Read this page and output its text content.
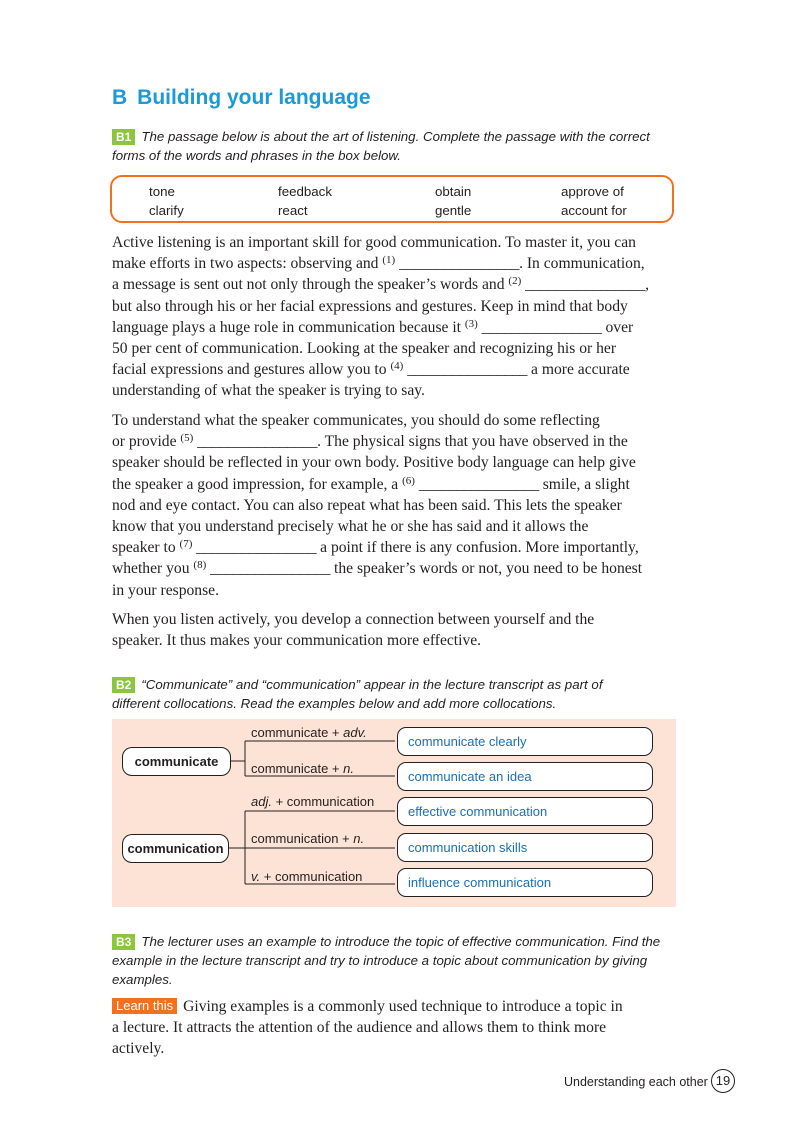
B Building your language
B1 The passage below is about the art of listening. Complete the passage with the correct
forms of the words and phrases in the box below.
tone	feedback	obtain	approve of
clarify	react	gentle	account for

Active listening is an important skill for good communication. To master it, you can

make efforts in two aspects: observing and $^{(1)}$ ________________. In communication,

a message is sent out not only through the speaker’s words and $^{(2)}$ ________________,

but also through his or her facial expressions and gestures. Keep in mind that body

language plays a huge role in communication because it $^{(3)}$ ________________ over

50 per cent of communication. Looking at the speaker and recognizing his or her

facial expressions and gestures allow you to $^{(4)}$ ________________ a more accurate

understanding of what the speaker is trying to say.

To understand what the speaker communicates, you should do some reflecting

or provide $^{(5)}$ ________________. The physical signs that you have observed in the

speaker should be reflected in your own body. Positive body language can help give

the speaker a good impression, for example, a $^{(6)}$ ________________ smile, a slight

nod and eye contact. You can also repeat what has been said. This lets the speaker

know that you understand precisely what he or she has said and it allows the

speaker to $^{(7)}$ ________________ a point if there is any confusion. More importantly,

whether you $^{(8)}$ ________________ the speaker’s words or not, you need to be honest

in your response.

When you listen actively, you develop a connection between yourself and the

speaker. It thus makes your communication more effective.

B2 “Communicate” and “communication” appear in the lecture transcript as part of
different collocations. Read the examples below and add more collocations.
communicate
communication
communicate + adv.
communicate + n.
adj. + communication
communication + n.
v. + communication
communicate clearly
communicate an idea
effective communication
communication skills
influence communication
B3 The lecturer uses an example to introduce the topic of effective communication. Find the
example in the lecture transcript and try to introduce a topic about communication by giving
examples.

Learn this Giving examples is a commonly used technique to introduce a topic in

a lecture. It attracts the attention of the audience and allows them to think more

actively.

Understanding each other 19
